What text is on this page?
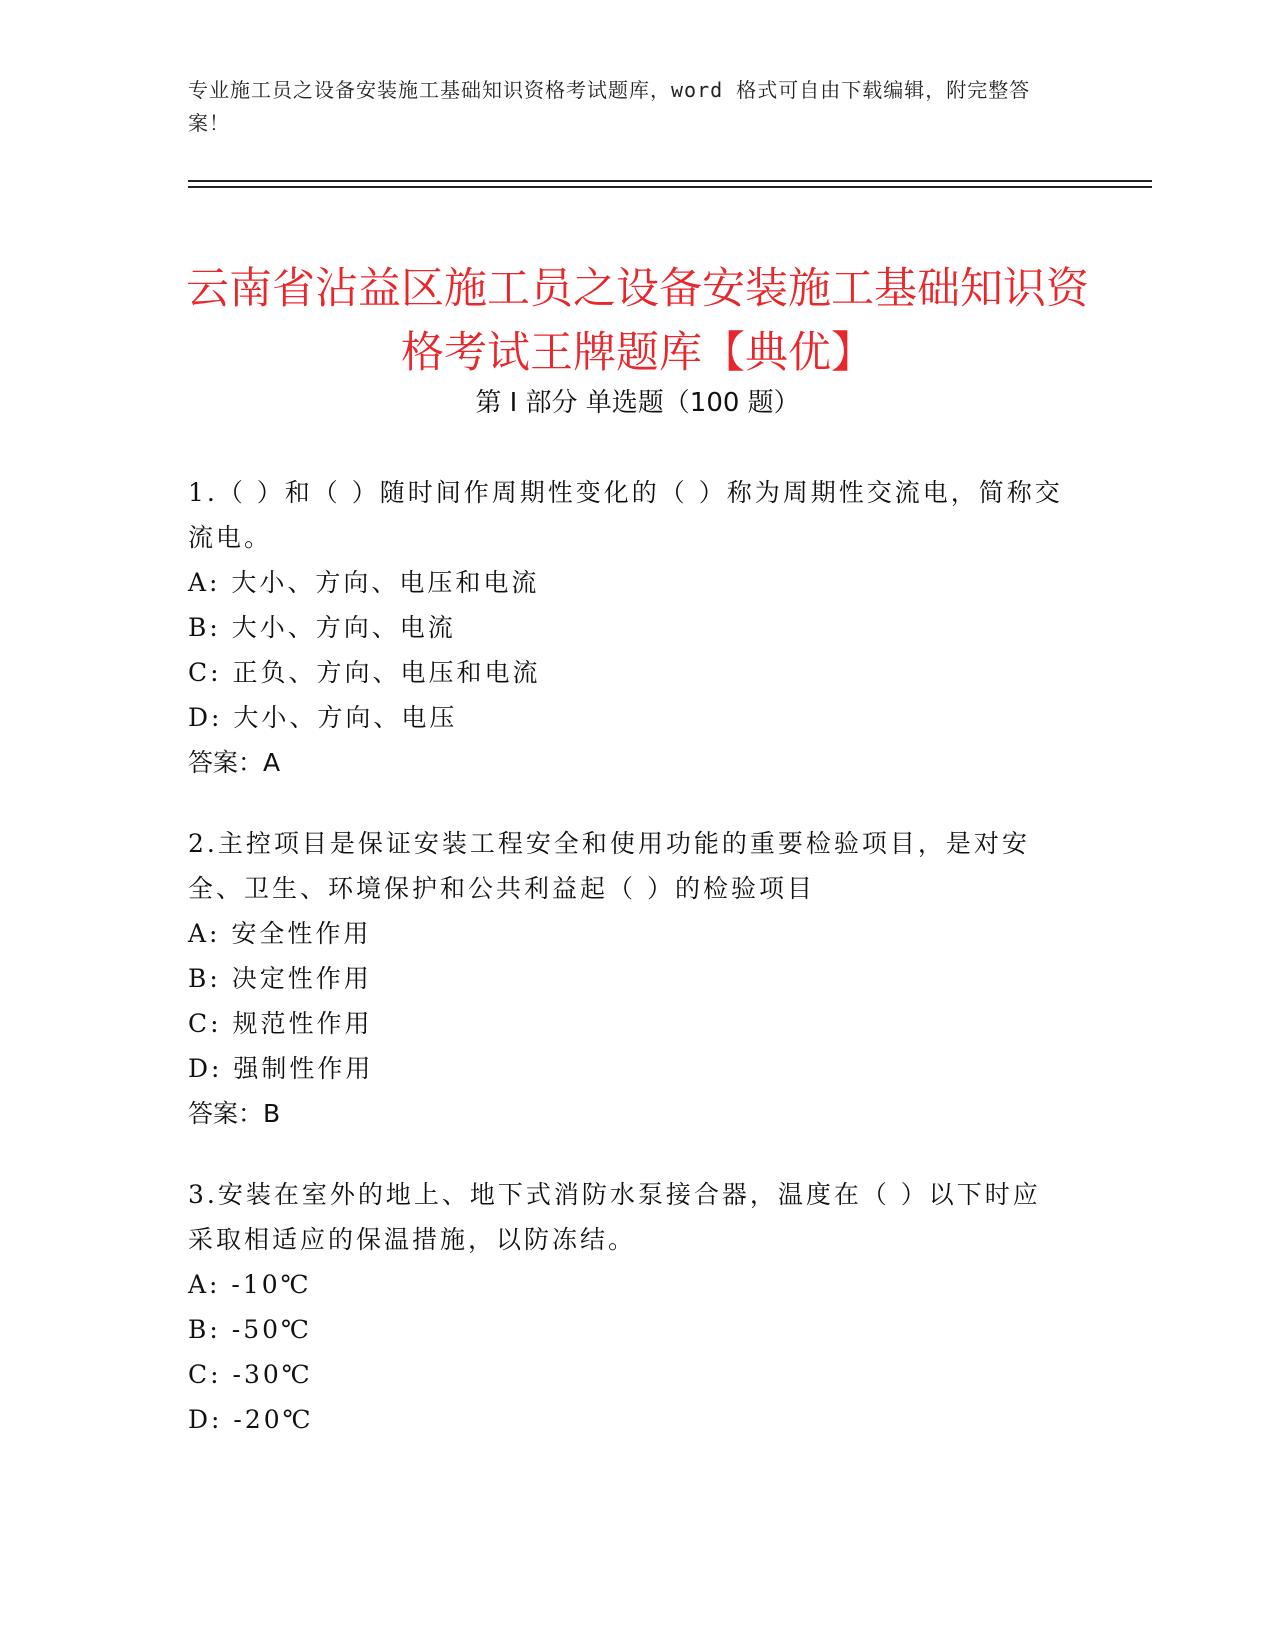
专业施工员之设备安装施工基础知识资格考试题库，word 格式可自由下载编辑，附完整答案！
云南省沾益区施工员之设备安装施工基础知识资格考试王牌题库【典优】
第 I 部分 单选题（100 题）

1.（ ）和（ ）随时间作周期性变化的（ ）称为周期性交流电，简称交流电。

A: 大小、方向、电压和电流

B: 大小、方向、电流

C: 正负、方向、电压和电流

D: 大小、方向、电压

答案：A

2.主控项目是保证安装工程安全和使用功能的重要检验项目，是对安全、卫生、环境保护和公共利益起（ ）的检验项目

A: 安全性作用

B: 决定性作用

C: 规范性作用

D: 强制性作用

答案：B

3.安装在室外的地上、地下式消防水泵接合器，温度在（ ）以下时应采取相适应的保温措施，以防冻结。

A: -10℃

B: -50℃

C: -30℃

D: -20℃
